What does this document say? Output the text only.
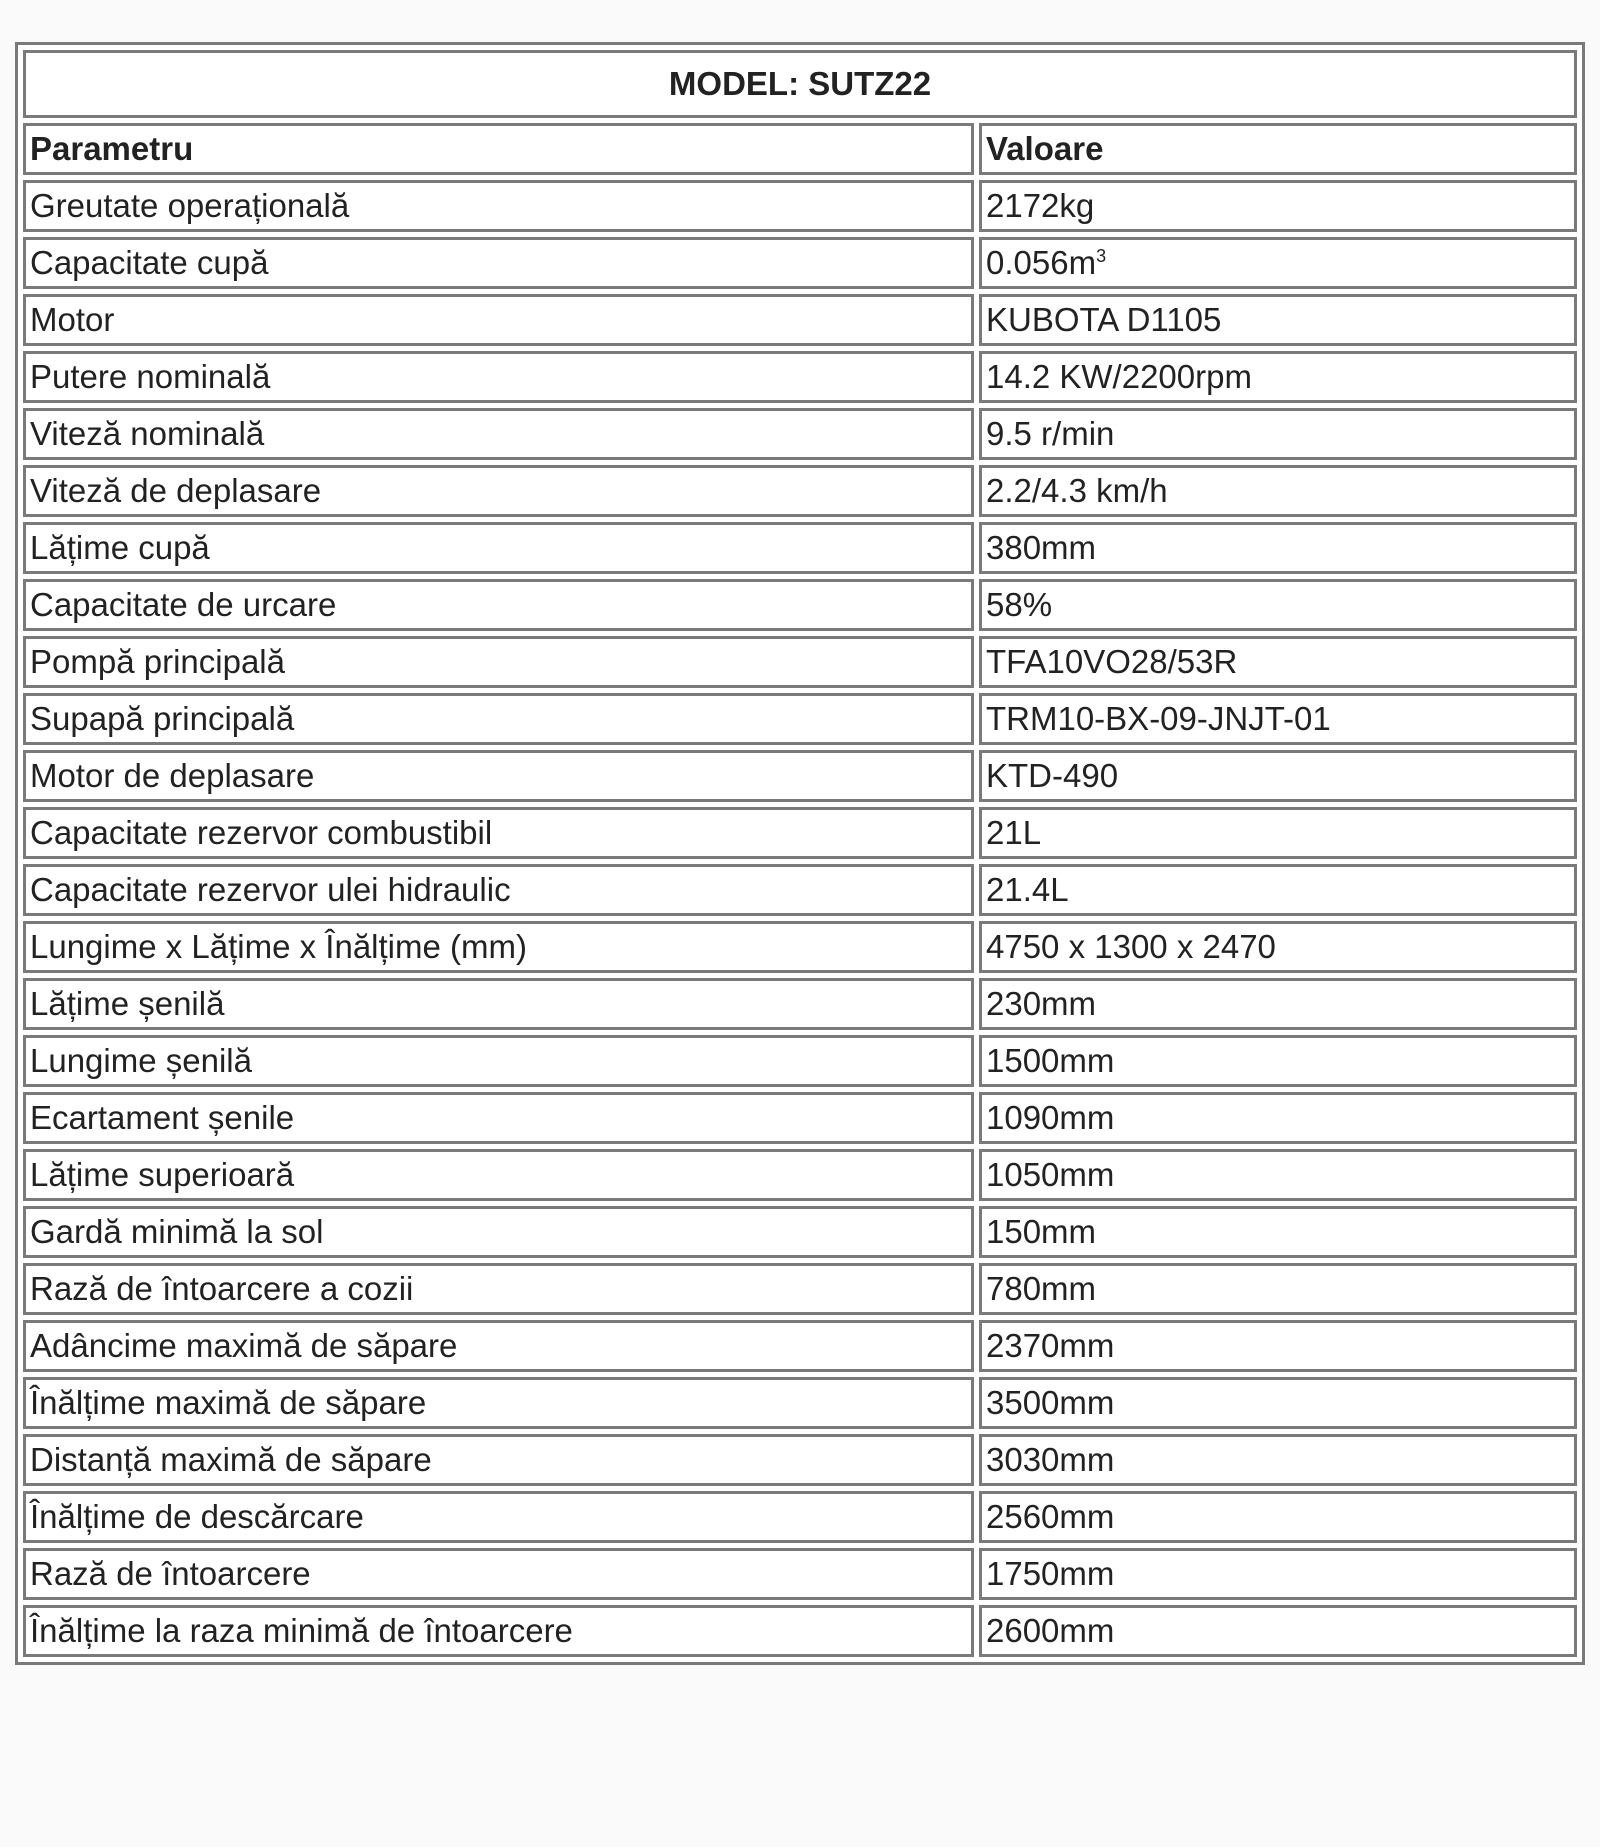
MODEL: SUTZ22	
Parametru	Valoare
Greutate operațională	2172kg
Capacitate cupă	$0.056m^3$
Motor	KUBOTA D1105
Putere nominală	14.2 KW/2200rpm
Viteză nominală	9.5 r/min
Viteză de deplasare	2.2/4.3 km/h
Lățime cupă	380mm
Capacitate de urcare	58%
Pompă principală	TFA10VO28/53R
Supapă principală	TRM10-BX-09-JNJT-01
Motor de deplasare	KTD-490
Capacitate rezervor combustibil	21L
Capacitate rezervor ulei hidraulic	21.4L
Lungime x Lățime x Înălțime (mm)	4750 x 1300 x 2470
Lățime șenilă	230mm
Lungime șenilă	1500mm
Ecartament șenile	1090mm
Lățime superioară	1050mm
Gardă minimă la sol	150mm
Rază de întoarcere a cozii	780mm
Adâncime maximă de săpare	2370mm
Înălțime maximă de săpare	3500mm
Distanță maximă de săpare	3030mm
Înălțime de descărcare	2560mm
Rază de întoarcere	1750mm
Înălțime la raza minimă de întoarcere	2600mm
